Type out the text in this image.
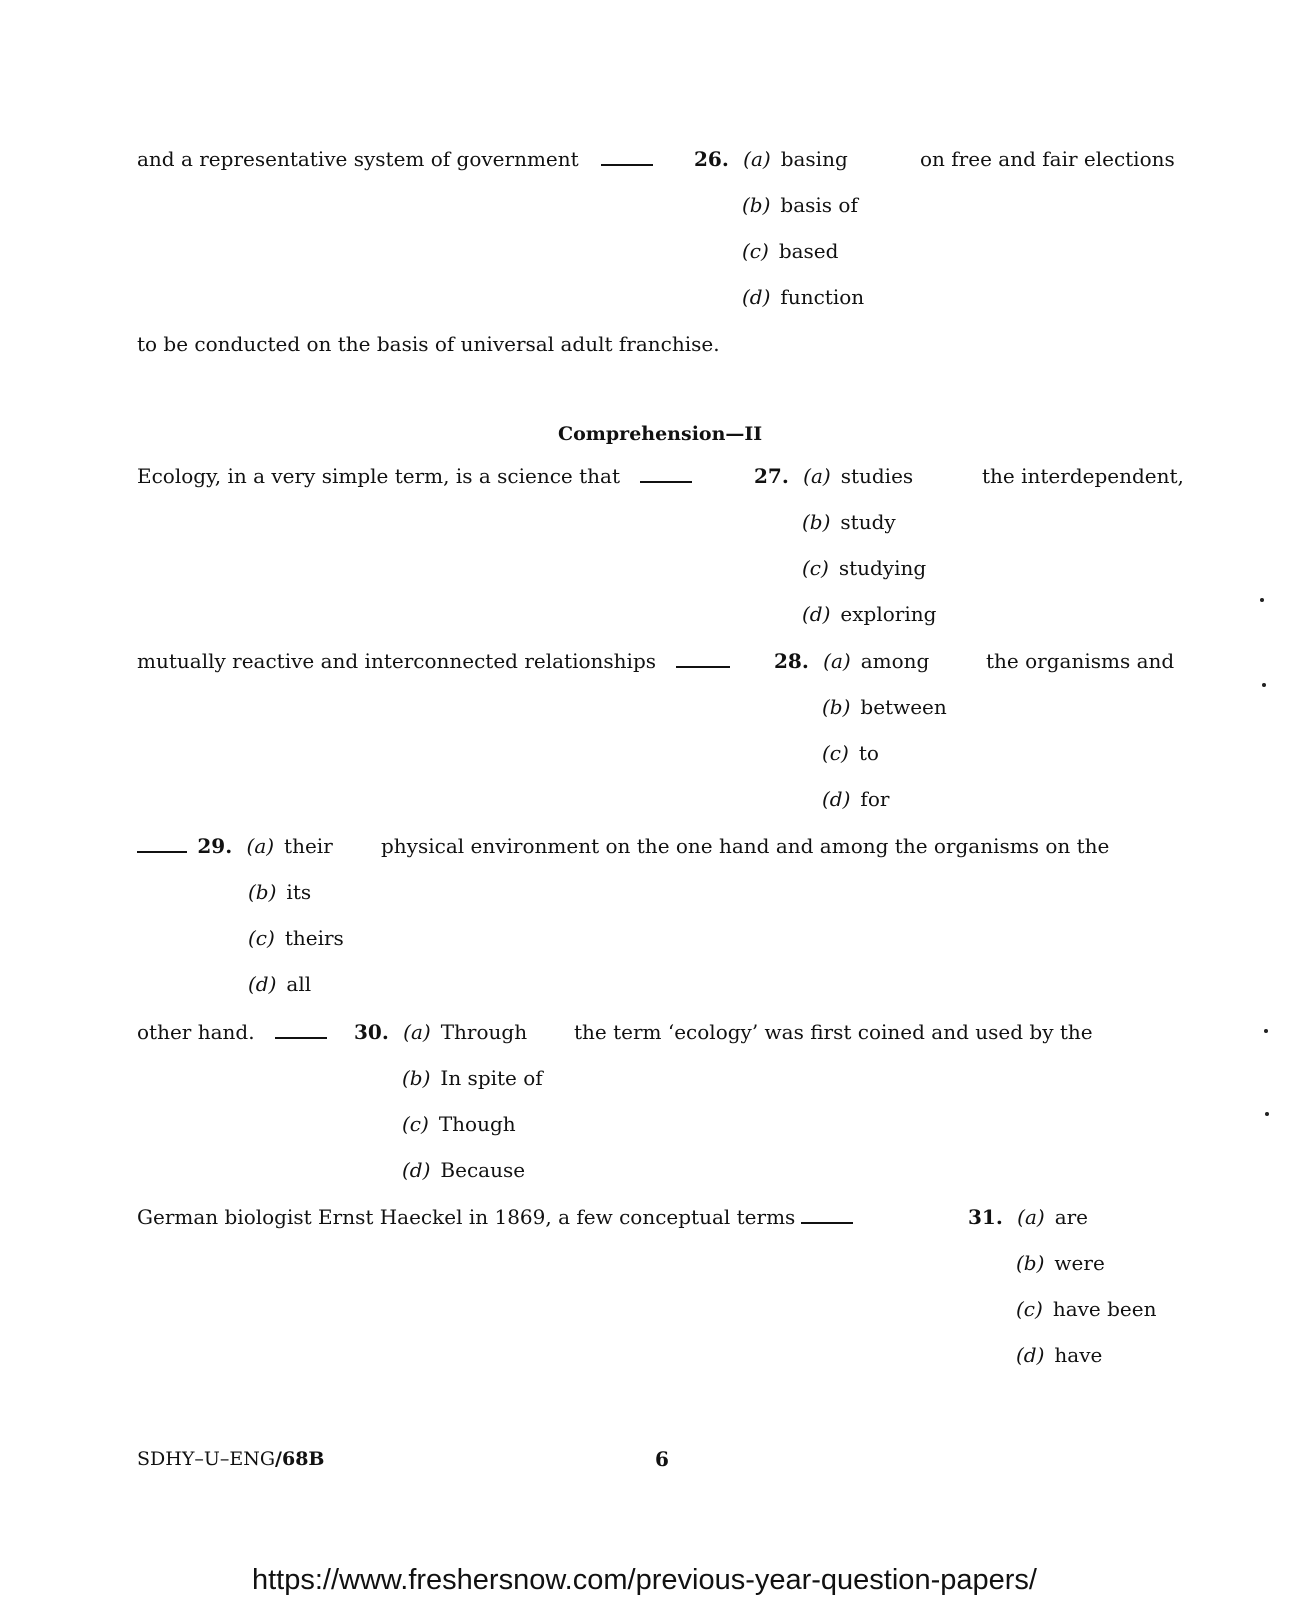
and a representative system of government	26. (a) basing	on free and fair elections
(b) basis of
(c) based
(d) function
to be conducted on the basis of universal adult franchise.
Comprehension—II
Ecology, in a very simple term, is a science that	27. (a) studies	the interdependent,
(b) study
(c) studying
(d) exploring
mutually reactive and interconnected relationships	28. (a) among	the organisms and
(b) between
(c) to
(d) for
29. (a) their physical environment on the one hand and among the organisms on the
(b) its
(c) theirs
(d) all
other hand.	30. (a) Through the term ‘ecology’ was first coined and used by the
(b) In spite of
(c) Though
(d) Because
German biologist Ernst Haeckel in 1869, a few conceptual terms	31. (a) are
(b) were
(c) have been
(d) have
SDHY–U–ENG/68B	6
https://www.freshersnow.com/previous-year-question-papers/
